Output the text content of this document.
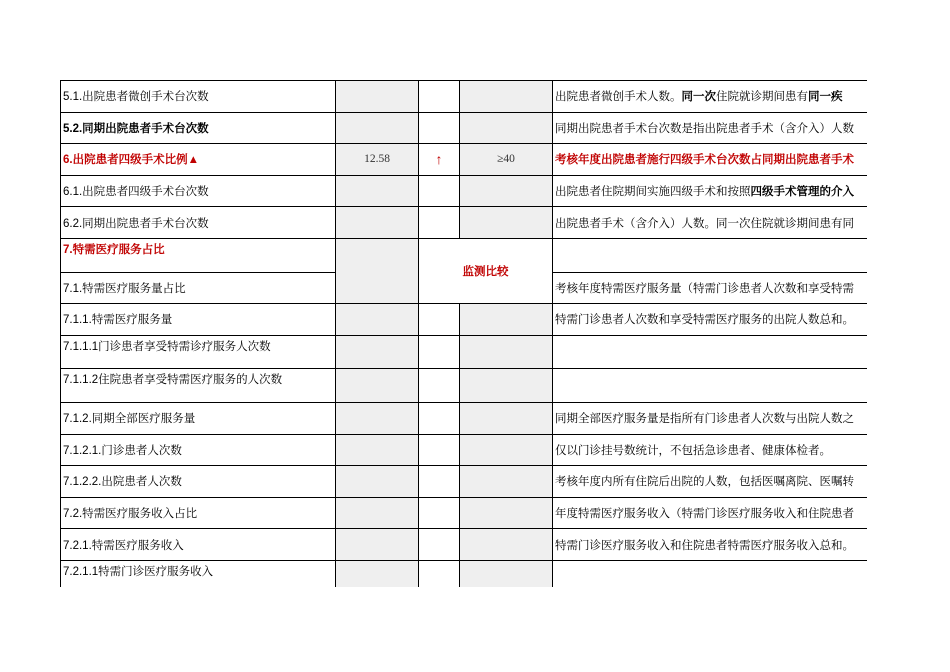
5.1.出院患者微创手术台次数				出院患者微创手术人数。同一次住院就诊期间患有同一疾
5.2.同期出院患者手术台次数				同期出院患者手术台次数是指出院患者手术（含介入）人数
6.出院患者四级手术比例▲	12.58	↑	≥40	考核年度出院患者施行四级手术台次数占同期出院患者手术
6.1.出院患者四级手术台次数				出院患者住院期间实施四级手术和按照四级手术管理的介入
6.2.同期出院患者手术台次数				出院患者手术（含介入）人数。同一次住院就诊期间患有同
7.特需医疗服务占比		监测比较		
7.1.特需医疗服务量占比				考核年度特需医疗服务量（特需门诊患者人次数和享受特需
7.1.1.特需医疗服务量				特需门诊患者人次数和享受特需医疗服务的出院人数总和。
7.1.1.1门诊患者享受特需诊疗服务人次数				
7.1.1.2住院患者享受特需医疗服务的人次数				
7.1.2.同期全部医疗服务量				同期全部医疗服务量是指所有门诊患者人次数与出院人数之
7.1.2.1.门诊患者人次数				仅以门诊挂号数统计，不包括急诊患者、健康体检者。
7.1.2.2.出院患者人次数				考核年度内所有住院后出院的人数，包括医嘱离院、医嘱转
7.2.特需医疗服务收入占比				年度特需医疗服务收入（特需门诊医疗服务收入和住院患者
7.2.1.特需医疗服务收入				特需门诊医疗服务收入和住院患者特需医疗服务收入总和。
7.2.1.1特需门诊医疗服务收入				
